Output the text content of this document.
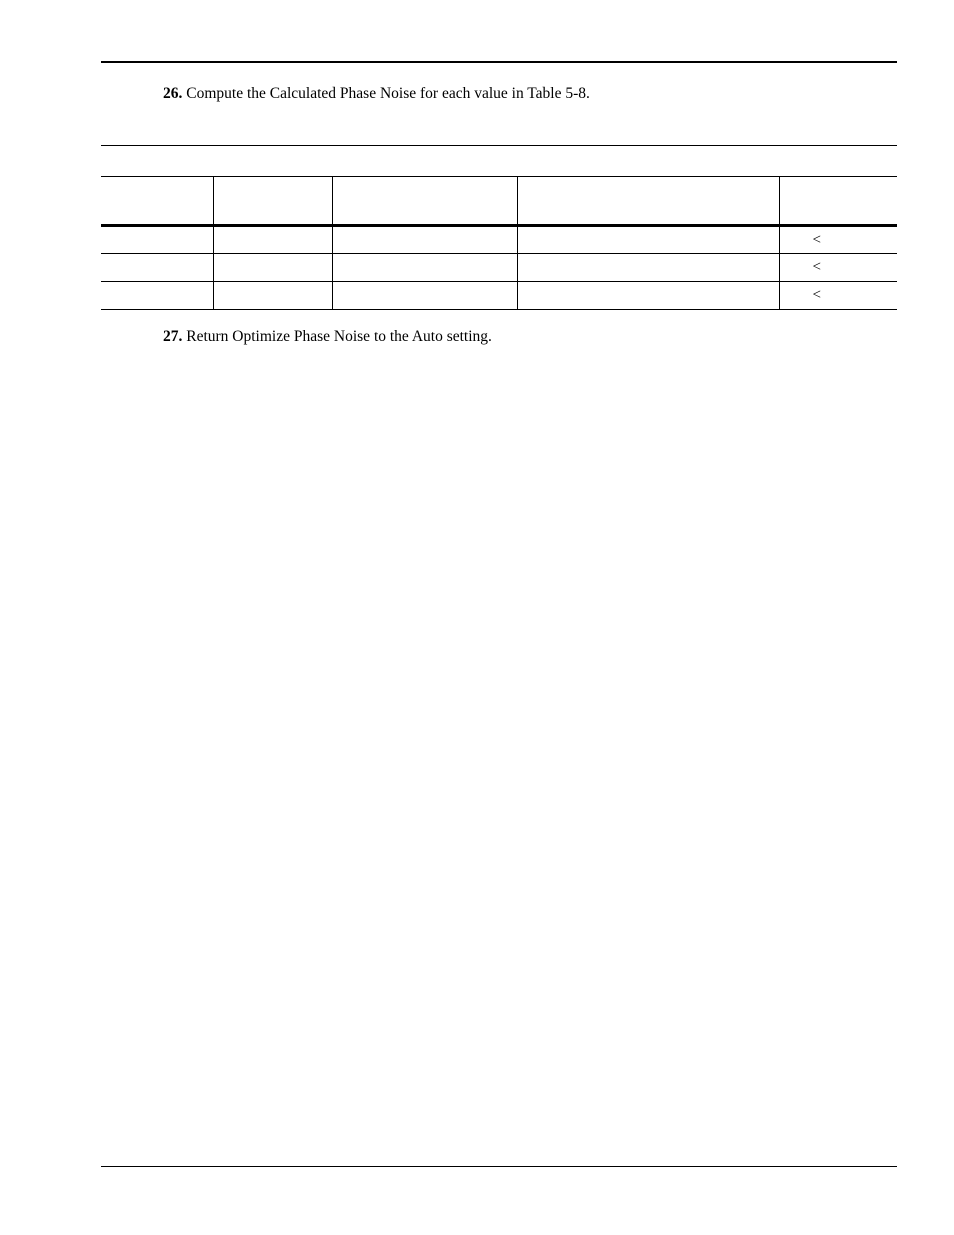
26. Compute the Calculated Phase Noise for each value in Table 5-8.

				<
				<
				<
27. Return Optimize Phase Noise to the Auto setting.
